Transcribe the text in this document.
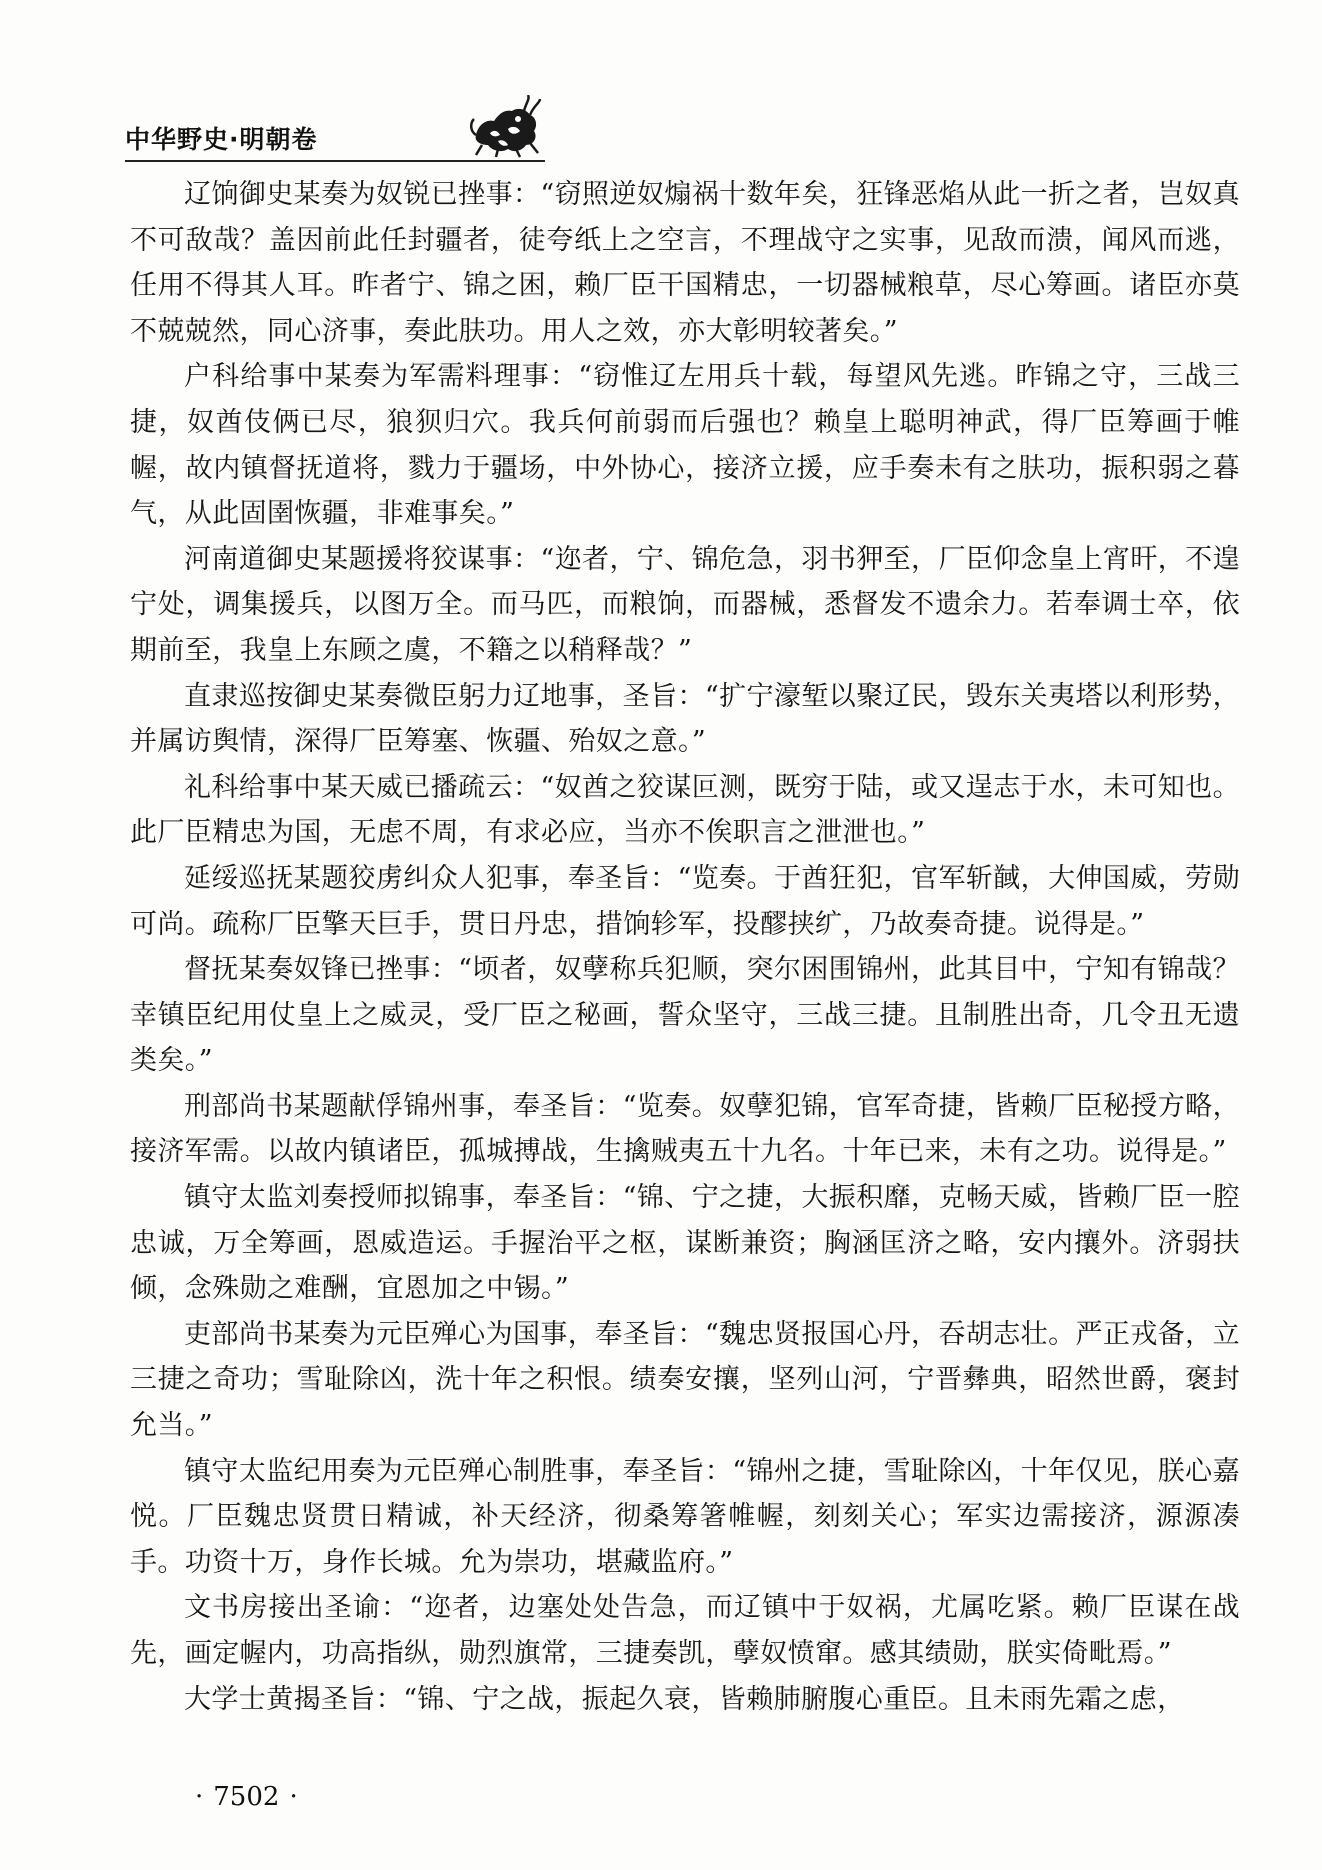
中华野史·明朝卷

辽饷御史某奏为奴锐已挫事：“窃照逆奴煽祸十数年矣，狂锋恶焰从此一折之者，岂奴真不可敌哉？盖因前此任封疆者，徒夸纸上之空言，不理战守之实事，见敌而溃，闻风而逃，任用不得其人耳。昨者宁、锦之困，赖厂臣干国精忠，一切器械粮草，尽心筹画。诸臣亦莫不兢兢然，同心济事，奏此肤功。用人之效，亦大彰明较著矣。”

户科给事中某奏为军需料理事：“窃惟辽左用兵十载，每望风先逃。昨锦之守，三战三捷，奴酋伎俩已尽，狼狈归穴。我兵何前弱而后强也？赖皇上聪明神武，得厂臣筹画于帷幄，故内镇督抚道将，戮力于疆场，中外协心，接济立援，应手奏未有之肤功，振积弱之暮气，从此固圉恢疆，非难事矣。”

河南道御史某题援将狡谋事：“迩者，宁、锦危急，羽书狎至，厂臣仰念皇上宵旰，不遑宁处，调集援兵，以图万全。而马匹，而粮饷，而器械，悉督发不遗余力。若奉调士卒，依期前至，我皇上东顾之虞，不籍之以稍释哉？”

直隶巡按御史某奏微臣躬力辽地事，圣旨：“扩宁濠堑以聚辽民，毁东关夷塔以利形势，并属访舆情，深得厂臣筹塞、恢疆、殆奴之意。”

礼科给事中某天威已播疏云：“奴酋之狡谋叵测，既穷于陆，或又逞志于水，未可知也。此厂臣精忠为国，无虑不周，有求必应，当亦不俟职言之泄泄也。”

延绥巡抚某题狡虏纠众人犯事，奉圣旨：“览奏。于酋狂犯，官军斩馘，大伸国威，劳勋可尚。疏称厂臣擎天巨手，贯日丹忠，措饷轸军，投醪挟纩，乃故奏奇捷。说得是。”

督抚某奏奴锋已挫事：“顷者，奴孽称兵犯顺，突尔困围锦州，此其目中，宁知有锦哉？幸镇臣纪用仗皇上之威灵，受厂臣之秘画，誓众坚守，三战三捷。且制胜出奇，几令丑无遗类矣。”

刑部尚书某题献俘锦州事，奉圣旨：“览奏。奴孽犯锦，官军奇捷，皆赖厂臣秘授方略，接济军需。以故内镇诸臣，孤城搏战，生擒贼夷五十九名。十年已来，未有之功。说得是。”

镇守太监刘奏授师拟锦事，奉圣旨：“锦、宁之捷，大振积靡，克畅天威，皆赖厂臣一腔忠诚，万全筹画，恩威造运。手握治平之枢，谋断兼资；胸涵匡济之略，安内攘外。济弱扶倾，念殊勋之难酬，宜恩加之中锡。”

吏部尚书某奏为元臣殚心为国事，奉圣旨：“魏忠贤报国心丹，吞胡志壮。严正戎备，立三捷之奇功；雪耻除凶，洗十年之积恨。绩奏安攘，坚列山河，宁晋彝典，昭然世爵，褒封允当。”

镇守太监纪用奏为元臣殚心制胜事，奉圣旨：“锦州之捷，雪耻除凶，十年仅见，朕心嘉悦。厂臣魏忠贤贯日精诚，补天经济，彻桑筹箸帷幄，刻刻关心；军实边需接济，源源凑手。功资十万，身作长城。允为崇功，堪藏监府。”

文书房接出圣谕：“迩者，边塞处处告急，而辽镇中于奴祸，尤属吃紧。赖厂臣谋在战先，画定幄内，功高指纵，勋烈旗常，三捷奏凯，孽奴愤窜。感其绩勋，朕实倚毗焉。”

大学士黄揭圣旨：“锦、宁之战，振起久衰，皆赖肺腑腹心重臣。且未雨先霜之虑，

· 7502 ·
